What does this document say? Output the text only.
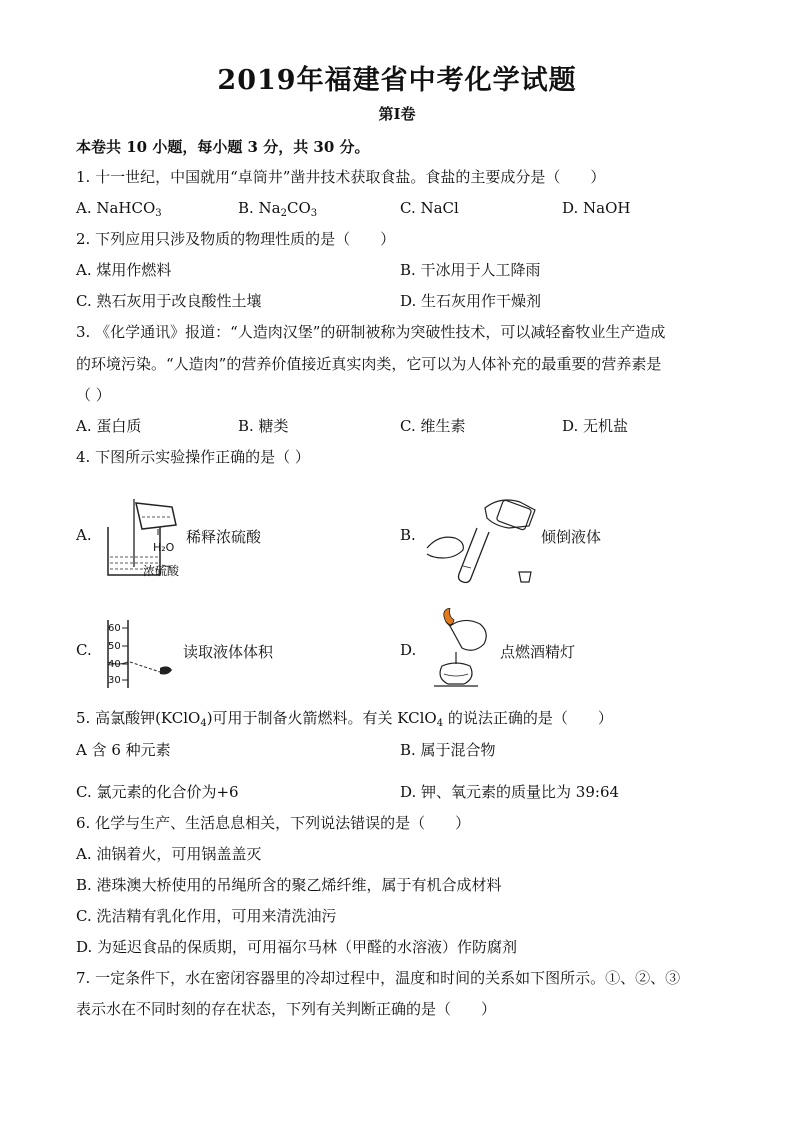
2019年福建省中考化学试题
第Ⅰ卷
本卷共 10 小题，每小题 3 分，共 30 分。
1. 十一世纪，中国就用“卓筒井”凿井技术获取食盐。食盐的主要成分是（　　）
A. NaHCO$_3$	B. $Na_2CO_3$	C. NaCl	D. NaOH
2. 下列应用只涉及物质的物理性质的是（　　）
A. 煤用作燃料	B. 干冰用于人工降雨
C. 熟石灰用于改良酸性土壤	D. 生石灰用作干燥剂
3. 《化学通讯》报道：“人造肉汉堡”的研制被称为突破性技术，可以减轻畜牧业生产造成
的环境污染。“人造肉”的营养价值接近真实肉类，它可以为人体补充的最重要的营养素是
（ ）
A. 蛋白质	B. 糖类	C. 维生素	D. 无机盐
4. 下图所示实验操作正确的是（ ）
A.
H₂O
浓硫酸
稀释浓硫酸	B.	倾倒液体
C.
60
50
40
30
读取液体体积	D.	点燃酒精灯
5. 高氯酸钾(KClO$_4$)可用于制备火箭燃料。有关 KClO$_4$ 的说法正确的是（　　）
A 含 6 种元素	B. 属于混合物
C. 氯元素的化合价为+6	D. 钾、氧元素的质量比为 39:64
6. 化学与生产、生活息息相关，下列说法错误的是（　　）
A. 油锅着火，可用锅盖盖灭
B. 港珠澳大桥使用的吊绳所含的聚乙烯纤维，属于有机合成材料
C. 洗洁精有乳化作用，可用来清洗油污
D. 为延迟食品的保质期，可用福尔马林（甲醛的水溶液）作防腐剂
7. 一定条件下，水在密闭容器里的冷却过程中，温度和时间的关系如下图所示。①、②、③
表示水在不同时刻的存在状态，下列有关判断正确的是（　　）
